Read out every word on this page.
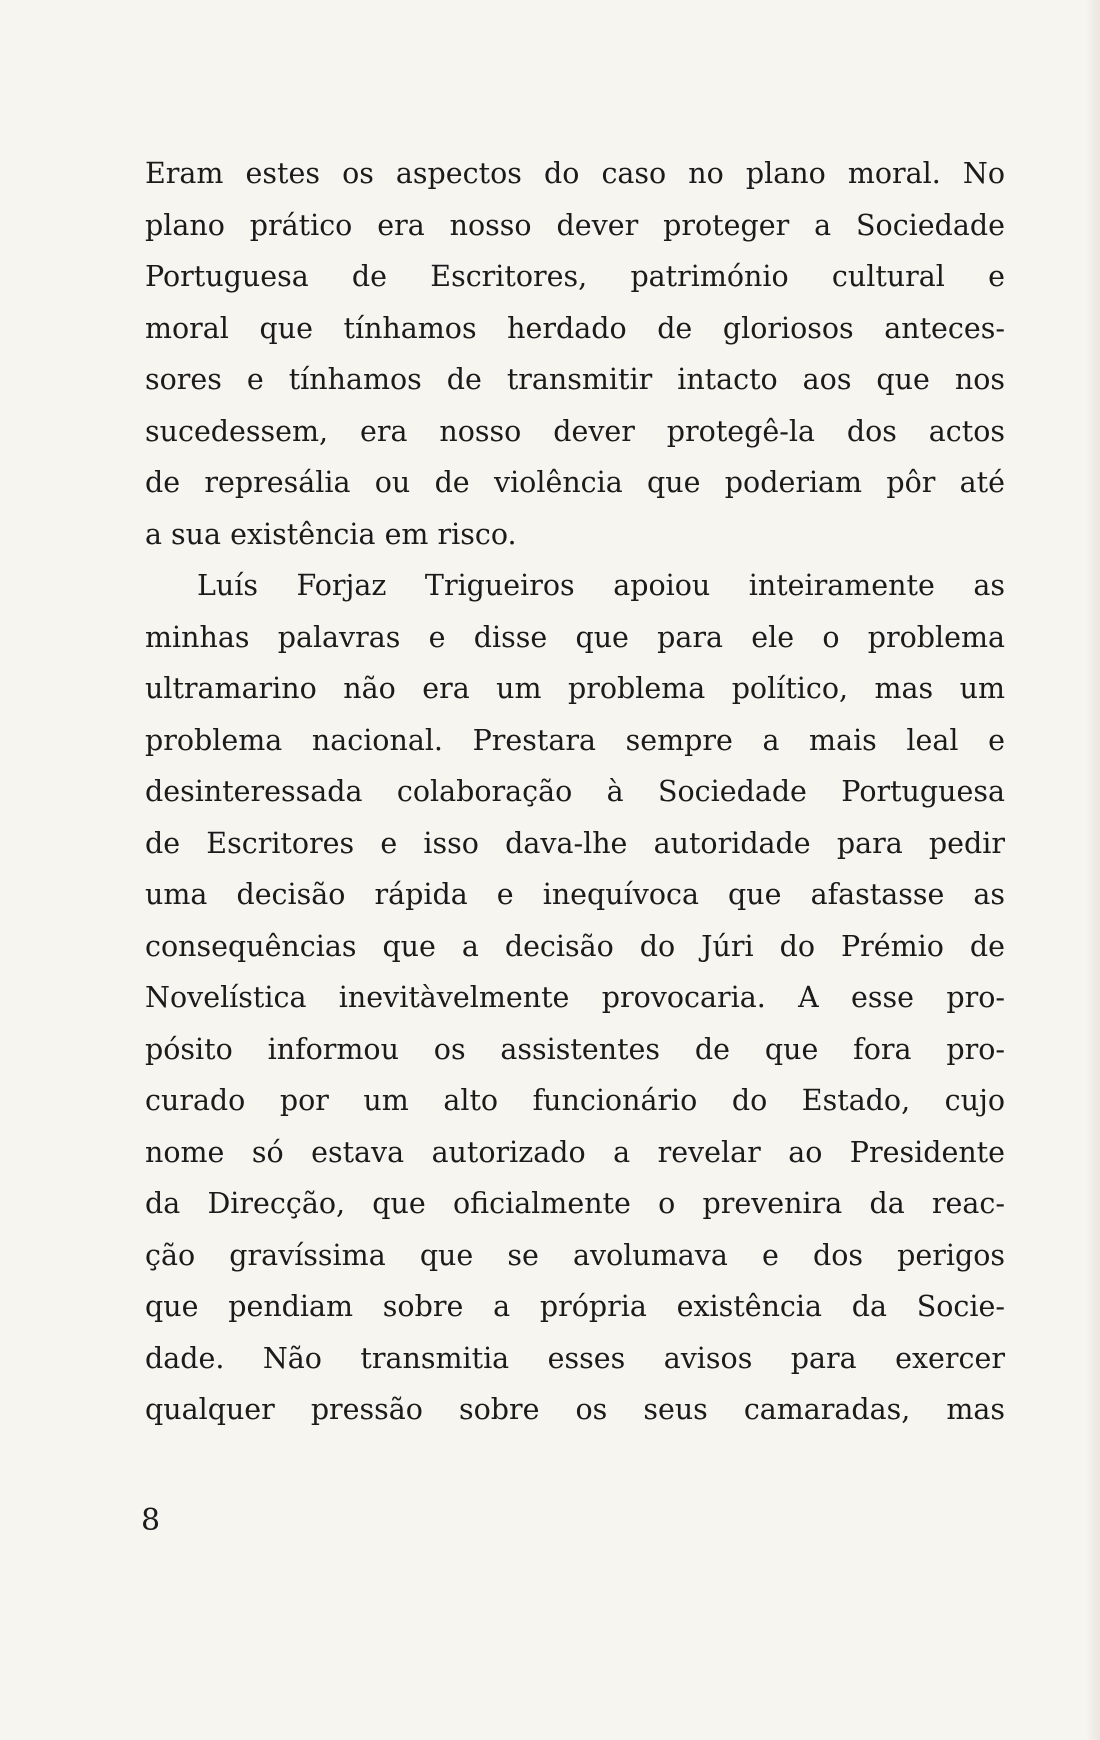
Eram estes os aspectos do caso no plano moral. No
plano prático era nosso dever proteger a Sociedade
Portuguesa de Escritores, património cultural e
moral que tínhamos herdado de gloriosos anteces-
sores e tínhamos de transmitir intacto aos que nos
sucedessem, era nosso dever protegê-la dos actos
de represália ou de violência que poderiam pôr até
a sua existência em risco.
Luís Forjaz Trigueiros apoiou inteiramente as
minhas palavras e disse que para ele o problema
ultramarino não era um problema político, mas um
problema nacional. Prestara sempre a mais leal e
desinteressada colaboração à Sociedade Portuguesa
de Escritores e isso dava-lhe autoridade para pedir
uma decisão rápida e inequívoca que afastasse as
consequências que a decisão do Júri do Prémio de
Novelística inevitàvelmente provocaria. A esse pro-
pósito informou os assistentes de que fora pro-
curado por um alto funcionário do Estado, cujo
nome só estava autorizado a revelar ao Presidente
da Direcção, que oficialmente o prevenira da reac-
ção gravíssima que se avolumava e dos perigos
que pendiam sobre a própria existência da Socie-
dade. Não transmitia esses avisos para exercer
qualquer pressão sobre os seus camaradas, mas
8
